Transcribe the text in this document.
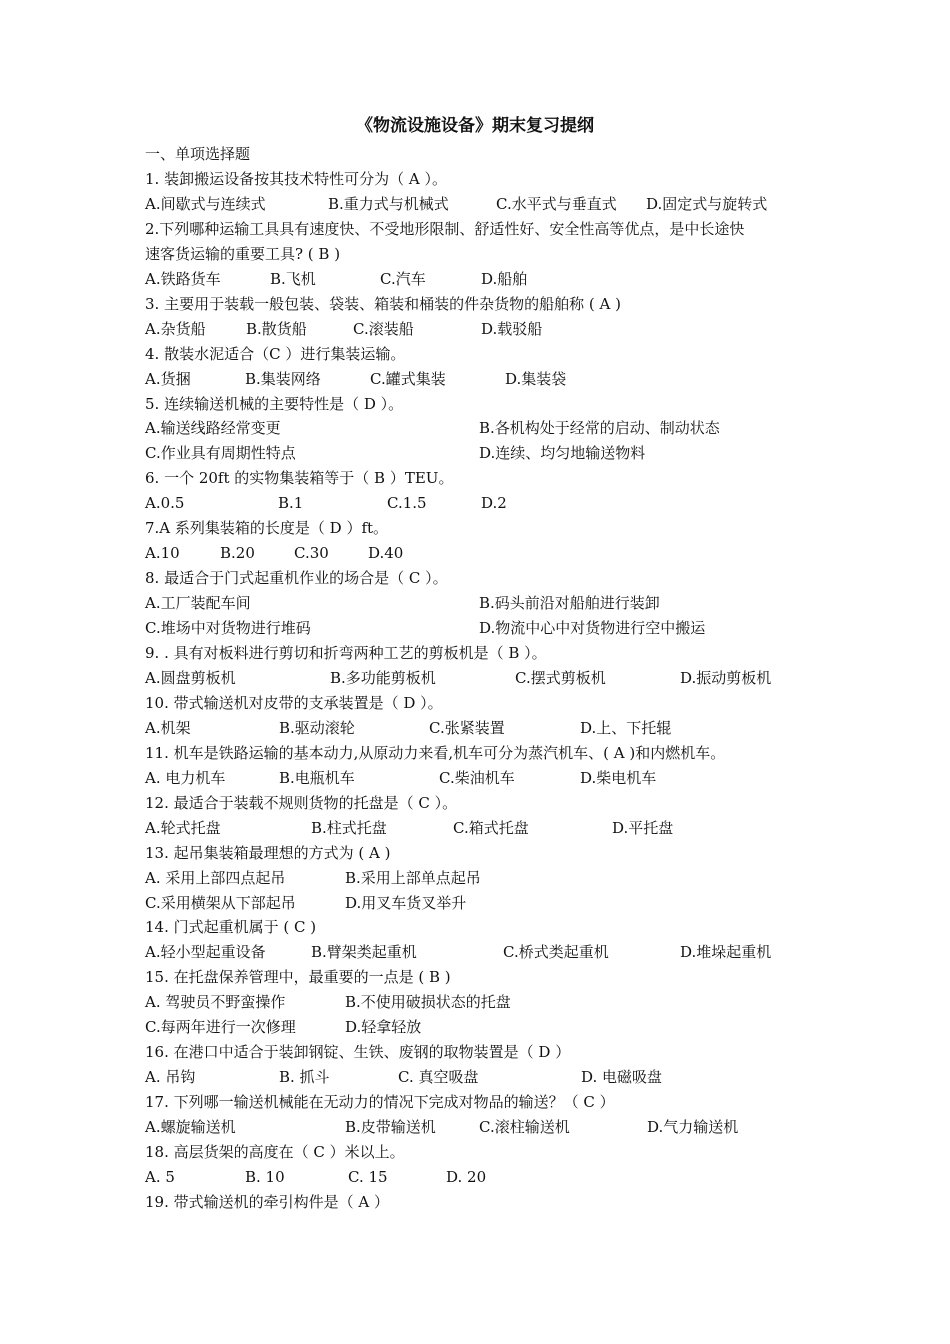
《物流设施设备》期末复习提纲
一、单项选择题
1. 装卸搬运设备按其技术特性可分为（ A ）。
A.间歇式与连续式	B.重力式与机械式	C.水平式与垂直式 D.固定式与旋转式
2.下列哪种运输工具具有速度快、不受地形限制、舒适性好、安全性高等优点，是中长途快
速客货运输的重要工具? ( B )
A.铁路货车	B.飞机	C.汽车	D.船舶
3. 主要用于装载一般包装、袋装、箱装和桶装的件杂货物的船舶称 ( A )
A.杂货船	B.散货船	C.滚装船	D.载驳船
4. 散装水泥适合（C ）进行集装运输。
A.货捆	B.集装网络	C.罐式集装	D.集装袋
5. 连续输送机械的主要特性是（ D ）。
A.输送线路经常变更	B.各机构处于经常的启动、制动状态
C.作业具有周期性特点	D.连续、均匀地输送物料
6. 一个 20ft 的实物集装箱等于（ B ）TEU。
A.0.5	B.1	C.1.5	D.2
7.A 系列集装箱的长度是（ D ）ft。
A.10	B.20	C.30	D.40
8. 最适合于门式起重机作业的场合是（ C ）。
A.工厂装配车间	B.码头前沿对船舶进行装卸
C.堆场中对货物进行堆码	D.物流中心中对货物进行空中搬运
9. . 具有对板料进行剪切和折弯两种工艺的剪板机是（ B ）。
A.圆盘剪板机	B.多功能剪板机	C.摆式剪板机	D.振动剪板机
10. 带式输送机对皮带的支承装置是（ D ）。
A.机架	B.驱动滚轮	C.张紧装置	D.上、下托辊
11. 机车是铁路运输的基本动力,从原动力来看,机车可分为蒸汽机车、( A )和内燃机车。
A. 电力机车	B.电瓶机车	C.柴油机车	D.柴电机车
12. 最适合于装载不规则货物的托盘是（ C ）。
A.轮式托盘	B.柱式托盘	C.箱式托盘	D.平托盘
13. 起吊集装箱最理想的方式为 ( A )
A. 采用上部四点起吊	B.采用上部单点起吊
C.采用横架从下部起吊	D.用叉车货叉举升
14. 门式起重机属于 ( C )
A.轻小型起重设备	B.臂架类起重机	C.桥式类起重机	D.堆垛起重机
15. 在托盘保养管理中，最重要的一点是 ( B )
A. 驾驶员不野蛮操作	B.不使用破损状态的托盘
C.每两年进行一次修理	D.轻拿轻放
16. 在港口中适合于装卸钢锭、生铁、废钢的取物装置是（ D ）
A. 吊钩	B. 抓斗	C. 真空吸盘	D. 电磁吸盘
17. 下列哪一输送机械能在无动力的情况下完成对物品的输送？（ C ）
A.螺旋输送机	B.皮带输送机	C.滚柱输送机	D.气力输送机
18. 高层货架的高度在（ C ）米以上。
A. 5	B. 10	C. 15	D. 20
19. 带式输送机的牵引构件是（ A ）
